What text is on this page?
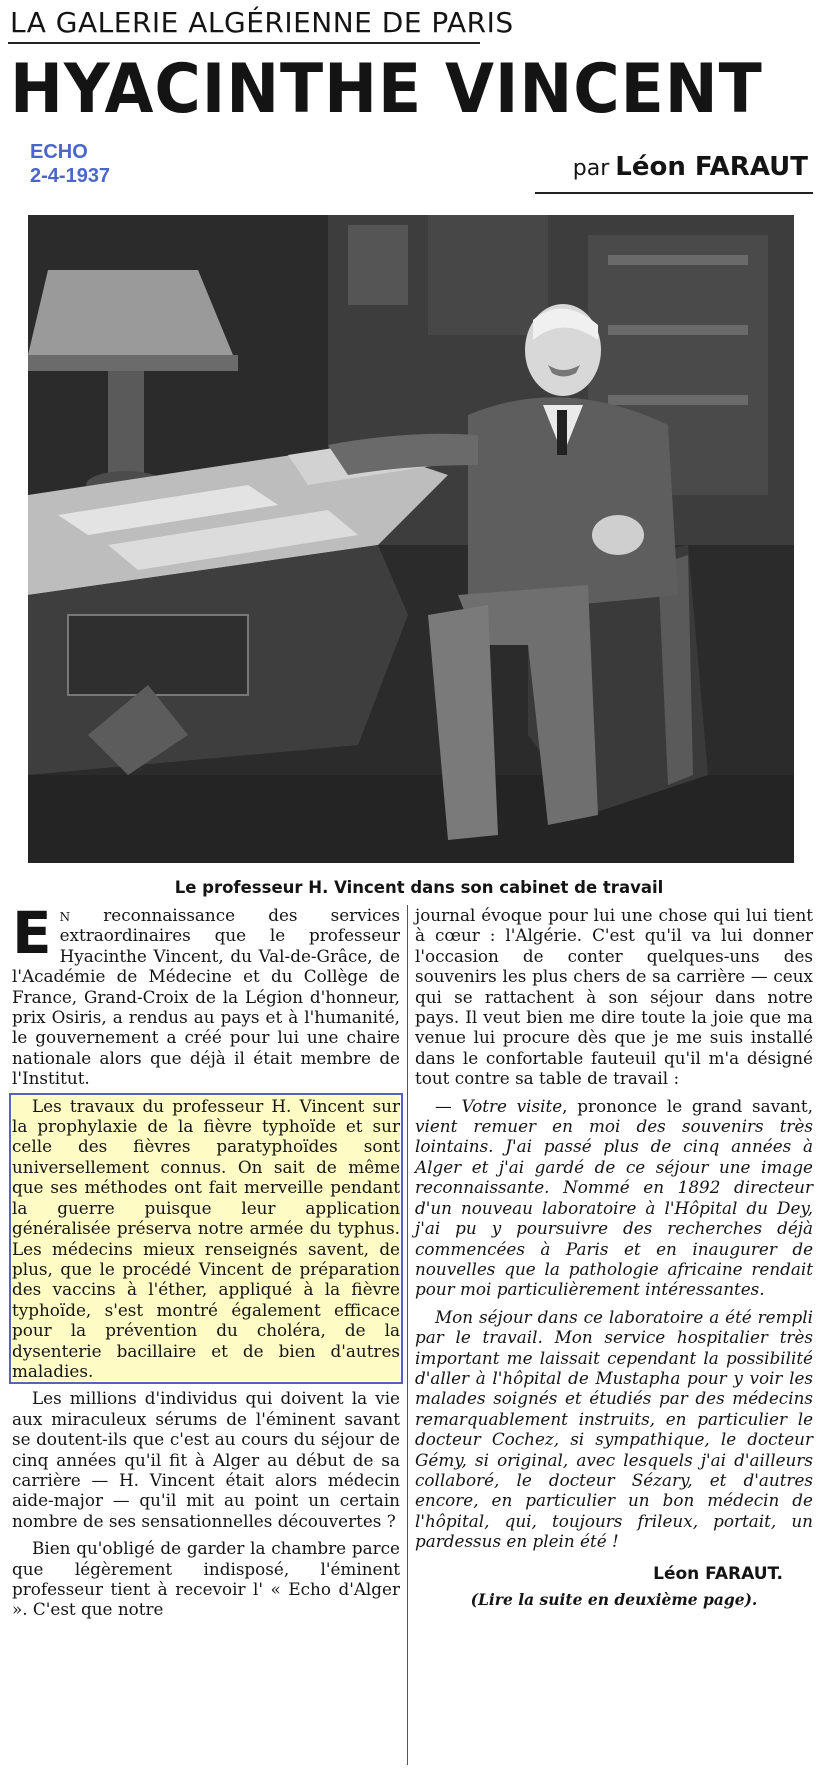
LA GALERIE ALGÉRIENNE DE PARIS
HYACINTHE VINCENT
ECHO
2-4-1937	par Léon FARAUT
Le professeur H. Vincent dans son cabinet de travail

En reconnaissance des services extraordinaires que le professeur Hyacinthe Vincent, du Val-de-Grâce, de l'Académie de Médecine et du Collège de France, Grand-Croix de la Légion d'honneur, prix Osiris, a rendus au pays et à l'humanité, le gouvernement a créé pour lui une chaire nationale alors que déjà il était membre de l'Institut.

Les travaux du professeur H. Vincent sur la prophylaxie de la fièvre typhoïde et sur celle des fièvres paratyphoïdes sont universellement connus. On sait de même que ses méthodes ont fait merveille pendant la guerre puisque leur application généralisée préserva notre armée du typhus. Les médecins mieux renseignés savent, de plus, que le procédé Vincent de préparation des vaccins à l'éther, appliqué à la fièvre typhoïde, s'est montré également efficace pour la prévention du choléra, de la dysenterie bacillaire et de bien d'autres maladies.

Les millions d'individus qui doivent la vie aux miraculeux sérums de l'éminent savant se doutent-ils que c'est au cours du séjour de cinq années qu'il fit à Alger au début de sa carrière — H. Vincent était alors médecin aide-major — qu'il mit au point un certain nombre de ses sensationnelles découvertes ?

Bien qu'obligé de garder la chambre parce que légèrement indisposé, l'éminent professeur tient à recevoir l' « Echo d'Alger ». C'est que notre

journal évoque pour lui une chose qui lui tient à cœur : l'Algérie. C'est qu'il va lui donner l'occasion de conter quelques-uns des souvenirs les plus chers de sa carrière — ceux qui se rattachent à son séjour dans notre pays. Il veut bien me dire toute la joie que ma venue lui procure dès que je me suis installé dans le confortable fauteuil qu'il m'a désigné tout contre sa table de travail :

— Votre visite, prononce le grand savant, vient remuer en moi des souvenirs très lointains. J'ai passé plus de cinq années à Alger et j'ai gardé de ce séjour une image reconnaissante. Nommé en 1892 directeur d'un nouveau laboratoire à l'Hôpital du Dey, j'ai pu y poursuivre des recherches déjà commencées à Paris et en inaugurer de nouvelles que la pathologie africaine rendait pour moi particulièrement intéressantes.

Mon séjour dans ce laboratoire a été rempli par le travail. Mon service hospitalier très important me laissait cependant la possibilité d'aller à l'hôpital de Mustapha pour y voir les malades soignés et étudiés par des médecins remarquablement instruits, en particulier le docteur Cochez, si sympathique, le docteur Gémy, si original, avec lesquels j'ai d'ailleurs collaboré, le docteur Sézary, et d'autres encore, en particulier un bon médecin de l'hôpital, qui, toujours frileux, portait, un pardessus en plein été !

Léon FARAUT.
(Lire la suite en deuxième page).
